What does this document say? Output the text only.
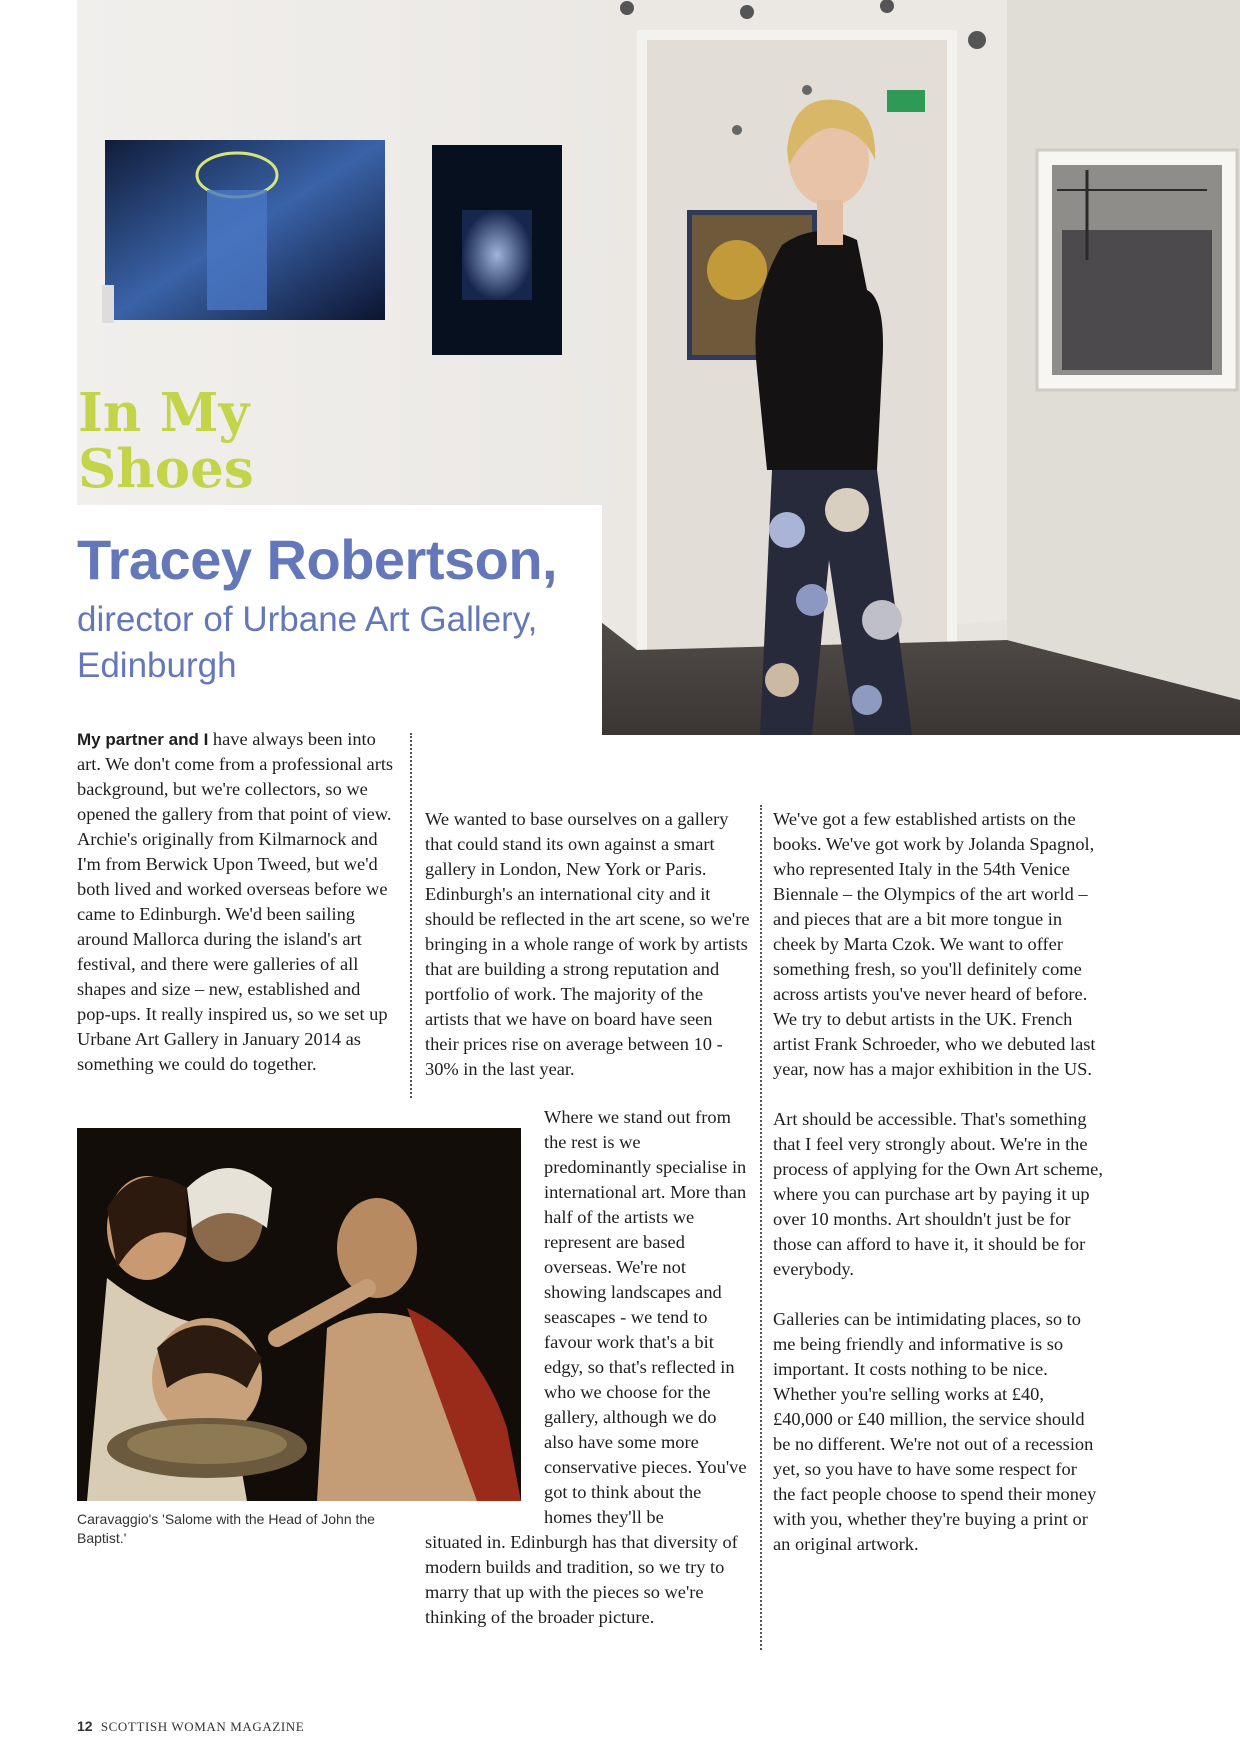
In My
Shoes
Tracey Robertson,
director of Urbane Art Gallery, Edinburgh

My partner and I have always been into art. We don't come from a professional arts background, but we're collectors, so we opened the gallery from that point of view. Archie's originally from Kilmarnock and I'm from Berwick Upon Tweed, but we'd both lived and worked overseas before we came to Edinburgh. We'd been sailing around Mallorca during the island's art festival, and there were galleries of all shapes and size – new, established and pop-ups. It really inspired us, so we set up Urbane Art Gallery in January 2014 as something we could do together.

We wanted to base ourselves on a gallery that could stand its own against a smart gallery in London, New York or Paris. Edinburgh's an international city and it should be reflected in the art scene, so we're bringing in a whole range of work by artists that are building a strong reputation and portfolio of work. The majority of the artists that we have on board have seen their prices rise on average between 10 - 30% in the last year.

Where we stand out from the rest is we predominantly specialise in international art. More than half of the artists we represent are based overseas. We're not showing landscapes and seascapes - we tend to favour work that's a bit edgy, so that's reflected in who we choose for the gallery, although we do also have some more conservative pieces. You've got to think about the homes they'll be
situated in. Edinburgh has that diversity of modern builds and tradition, so we try to marry that up with the pieces so we're thinking of the broader picture.
Caravaggio's 'Salome with the Head of John the Baptist.'

We've got a few established artists on the books. We've got work by Jolanda Spagnol, who represented Italy in the 54th Venice Biennale – the Olympics of the art world – and pieces that are a bit more tongue in cheek by Marta Czok. We want to offer something fresh, so you'll definitely come across artists you've never heard of before. We try to debut artists in the UK. French artist Frank Schroeder, who we debuted last year, now has a major exhibition in the US.

Art should be accessible. That's something that I feel very strongly about. We're in the process of applying for the Own Art scheme, where you can purchase art by paying it up over 10 months. Art shouldn't just be for those can afford to have it, it should be for everybody.

Galleries can be intimidating places, so to me being friendly and informative is so important. It costs nothing to be nice. Whether you're selling works at £40, £40,000 or £40 million, the service should be no different. We're not out of a recession yet, so you have to have some respect for the fact people choose to spend their money with you, whether they're buying a print or an original artwork.

12 SCOTTISH WOMAN MAGAZINE
